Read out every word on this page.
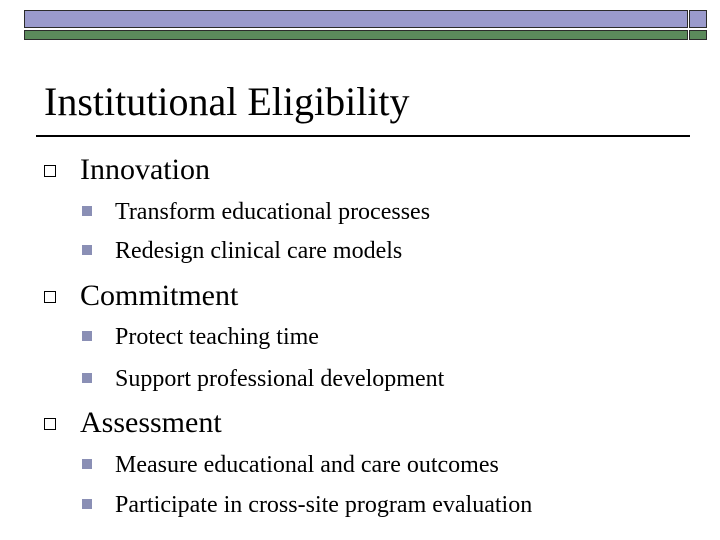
Institutional Eligibility
Innovation
Transform educational processes
Redesign clinical care models
Commitment
Protect teaching time
Support professional development
Assessment
Measure educational and care outcomes
Participate in cross-site program evaluation
